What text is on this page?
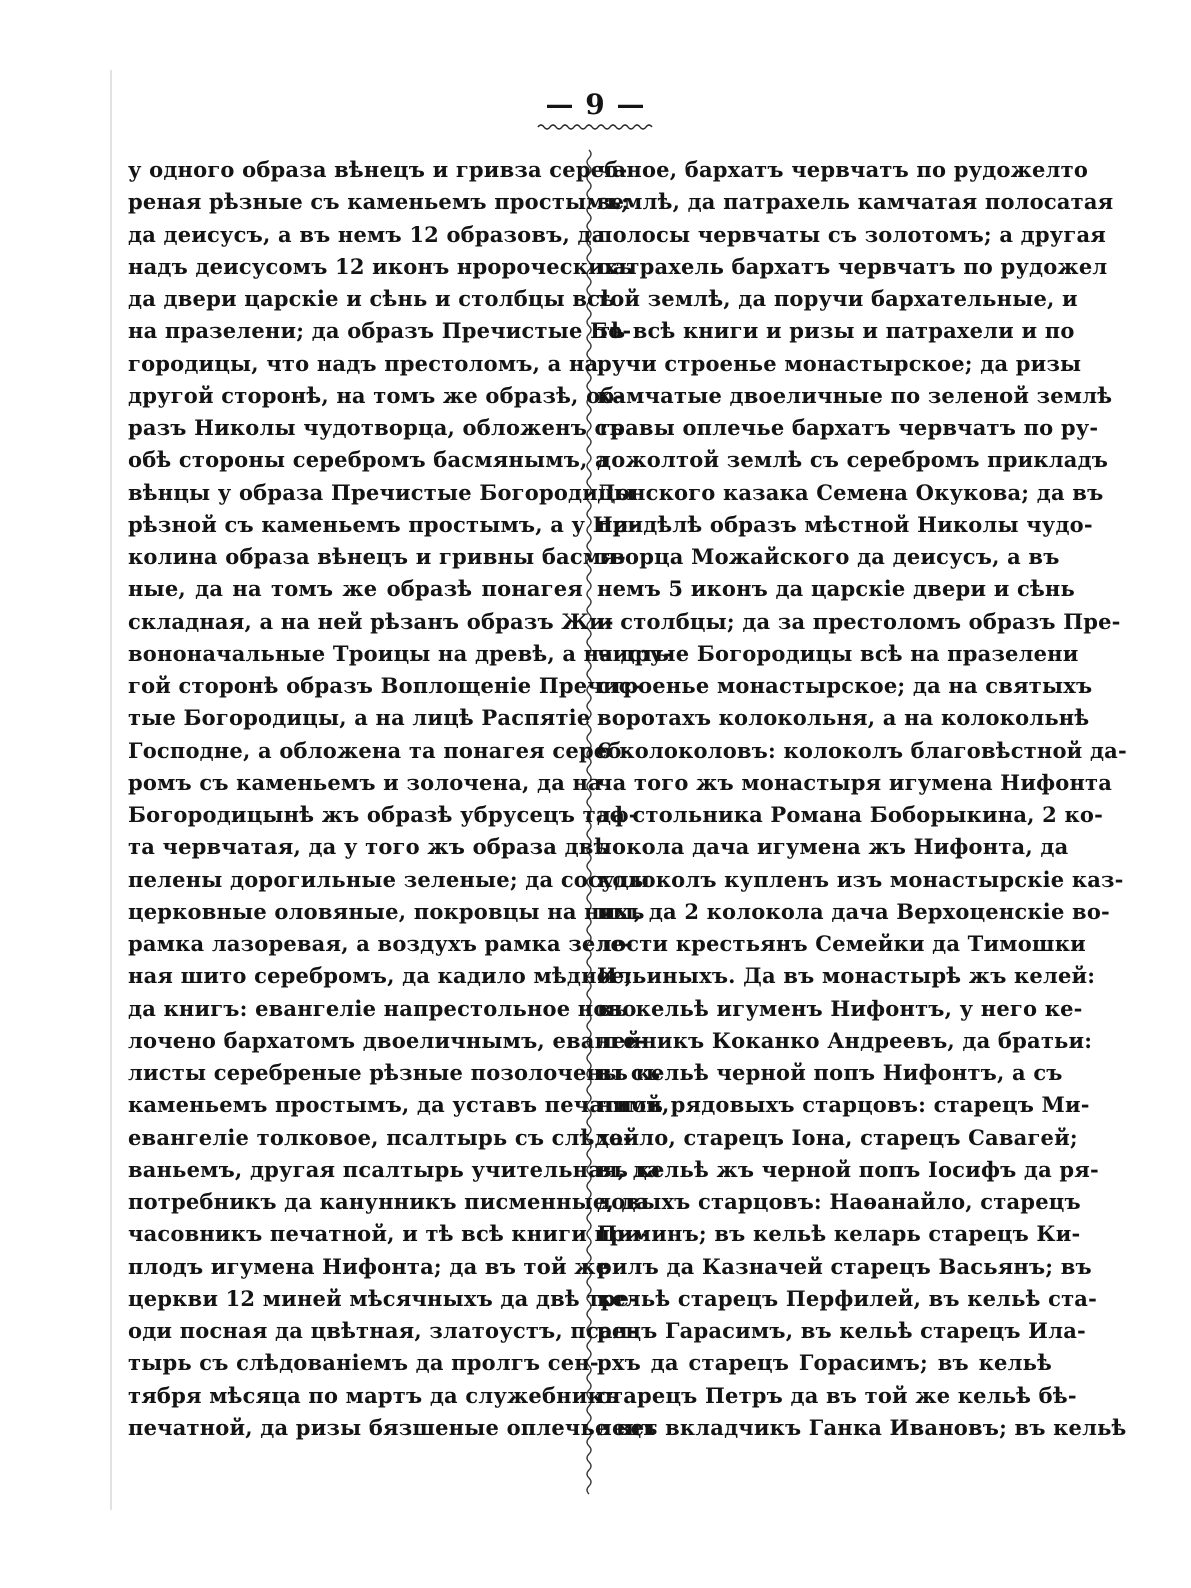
— 9 —
у одного образа вѣнецъ и гривза сереб-
реная рѣзные съ каменьемъ простымъ;
да деисусъ, а въ немъ 12 образовъ, да
надъ деисусомъ 12 иконъ нророческихъ
да двери царскіе и сѣнь и столбцы всѣ
на празелени; да образъ Пречистые Бо-
городицы, что надъ престоломъ, а на
другой сторонѣ, на томъ же образѣ, об-
разъ Николы чудотворца, обложенъ съ
обѣ стороны серебромъ басмянымъ, а
вѣнцы у образа Пречистые Богородицы
рѣзной съ каменьемъ простымъ, а у Ни-
колина образа вѣнецъ и гривны басмя-
ные, да на томъ же образѣ понагея
складная, а на ней рѣзанъ образъ Жи-
вононачальные Троицы на древѣ, а на дру-
гой сторонѣ образъ Воплощеніе Пречис-
тые Богородицы, а на лицѣ Распятіе
Господне, а обложена та понагея сереб-
ромъ съ каменьемъ и золочена, да на
Богородицынѣ жъ образѣ убрусецъ таф-
та червчатая, да у того жъ образа двѣ
пелены дорогильные зеленые; да сосуды
церковные оловяные, покровцы на нихъ
рамка лазоревая, а воздухъ рамка зеле-
ная шито серебромъ, да кадило мѣдное;
да книгъ: евангеліе напрестольное ново
лочено бархатомъ двоеличнымъ, еванге-
листы серебреные рѣзные позолочены съ
каменьемъ простымъ, да уставъ печатной,
евангеліе толковое, псалтырь съ слѣдо-
ваньемъ, другая псалтырь учительная, да
потребникъ да канунникъ писменные, да
часовникъ печатной, и тѣ всѣ книги при-
плодъ игумена Нифонта; да въ той же
церкви 12 миней мѣсячныхъ да двѣ тре-
оди посная да цвѣтная, златоустъ, псал-
тырь съ слѣдованіемъ да пролгъ сен-
тября мѣсяца по мартъ да служебникъ
печатной, да ризы бязшеные оплечье вет
чаное, бархатъ червчатъ по рудожелто
землѣ, да патрахель камчатая полосатая
полосы червчаты съ золотомъ; а другая
патрахель бархатъ червчатъ по рудожел
той землѣ, да поручи бархательные, и
тѣ всѣ книги и ризы и патрахели и по
ручи строенье монастырское; да ризы
камчатые двоеличные по зеленой землѣ
травы оплечье бархатъ червчатъ по ру-
дожолтой землѣ съ серебромъ прикладъ
Донского казака Семена Окукова; да въ
придѣлѣ образъ мѣстной Николы чудо-
творца Можайского да деисусъ, а въ
немъ 5 иконъ да царскіе двери и сѣнь
и столбцы; да за престоломъ образъ Пре-
чистые Богородицы всѣ на празелени
строенье монастырское; да на святыхъ
воротахъ колокольня, а на колокольнѣ
6 колоколовъ: колоколъ благовѣстной да-
ча того жъ монастыря игумена Нифонта
да стольника Романа Боборыкина, 2 ко-
локола дача игумена жъ Нифонта, да
колоколъ купленъ изъ монастырскіе каз-
ны, да 2 колокола дача Верхоценскіе во-
лости крестьянъ Семейки да Тимошки
Ильиныхъ. Да въ монастырѣ жъ келей:
въ кельѣ игуменъ Нифонтъ, у него ке-
лейникъ Коканко Андреевъ, да братьи:
въ кельѣ черной попъ Нифонтъ, а съ
нимъ рядовыхъ старцовъ: старецъ Ми-
хайло, старецъ Іона, старецъ Савагей;
въ кельѣ жъ черной попъ Іосифъ да ря-
довыхъ старцовъ: Наѳанайло, старецъ
Пиминъ; въ кельѣ келарь старецъ Ки-
рилъ да Казначей старецъ Васьянъ; въ
кельѣ старецъ Перфилей, въ кельѣ ста-
рецъ Гарасимъ, въ кельѣ старецъ Ила-
рхъ да старецъ Горасимъ; въ кельѣ
старецъ Петръ да въ той же кельѣ бѣ-
лецъ вкладчикъ Ганка Ивановъ; въ кельѣ
